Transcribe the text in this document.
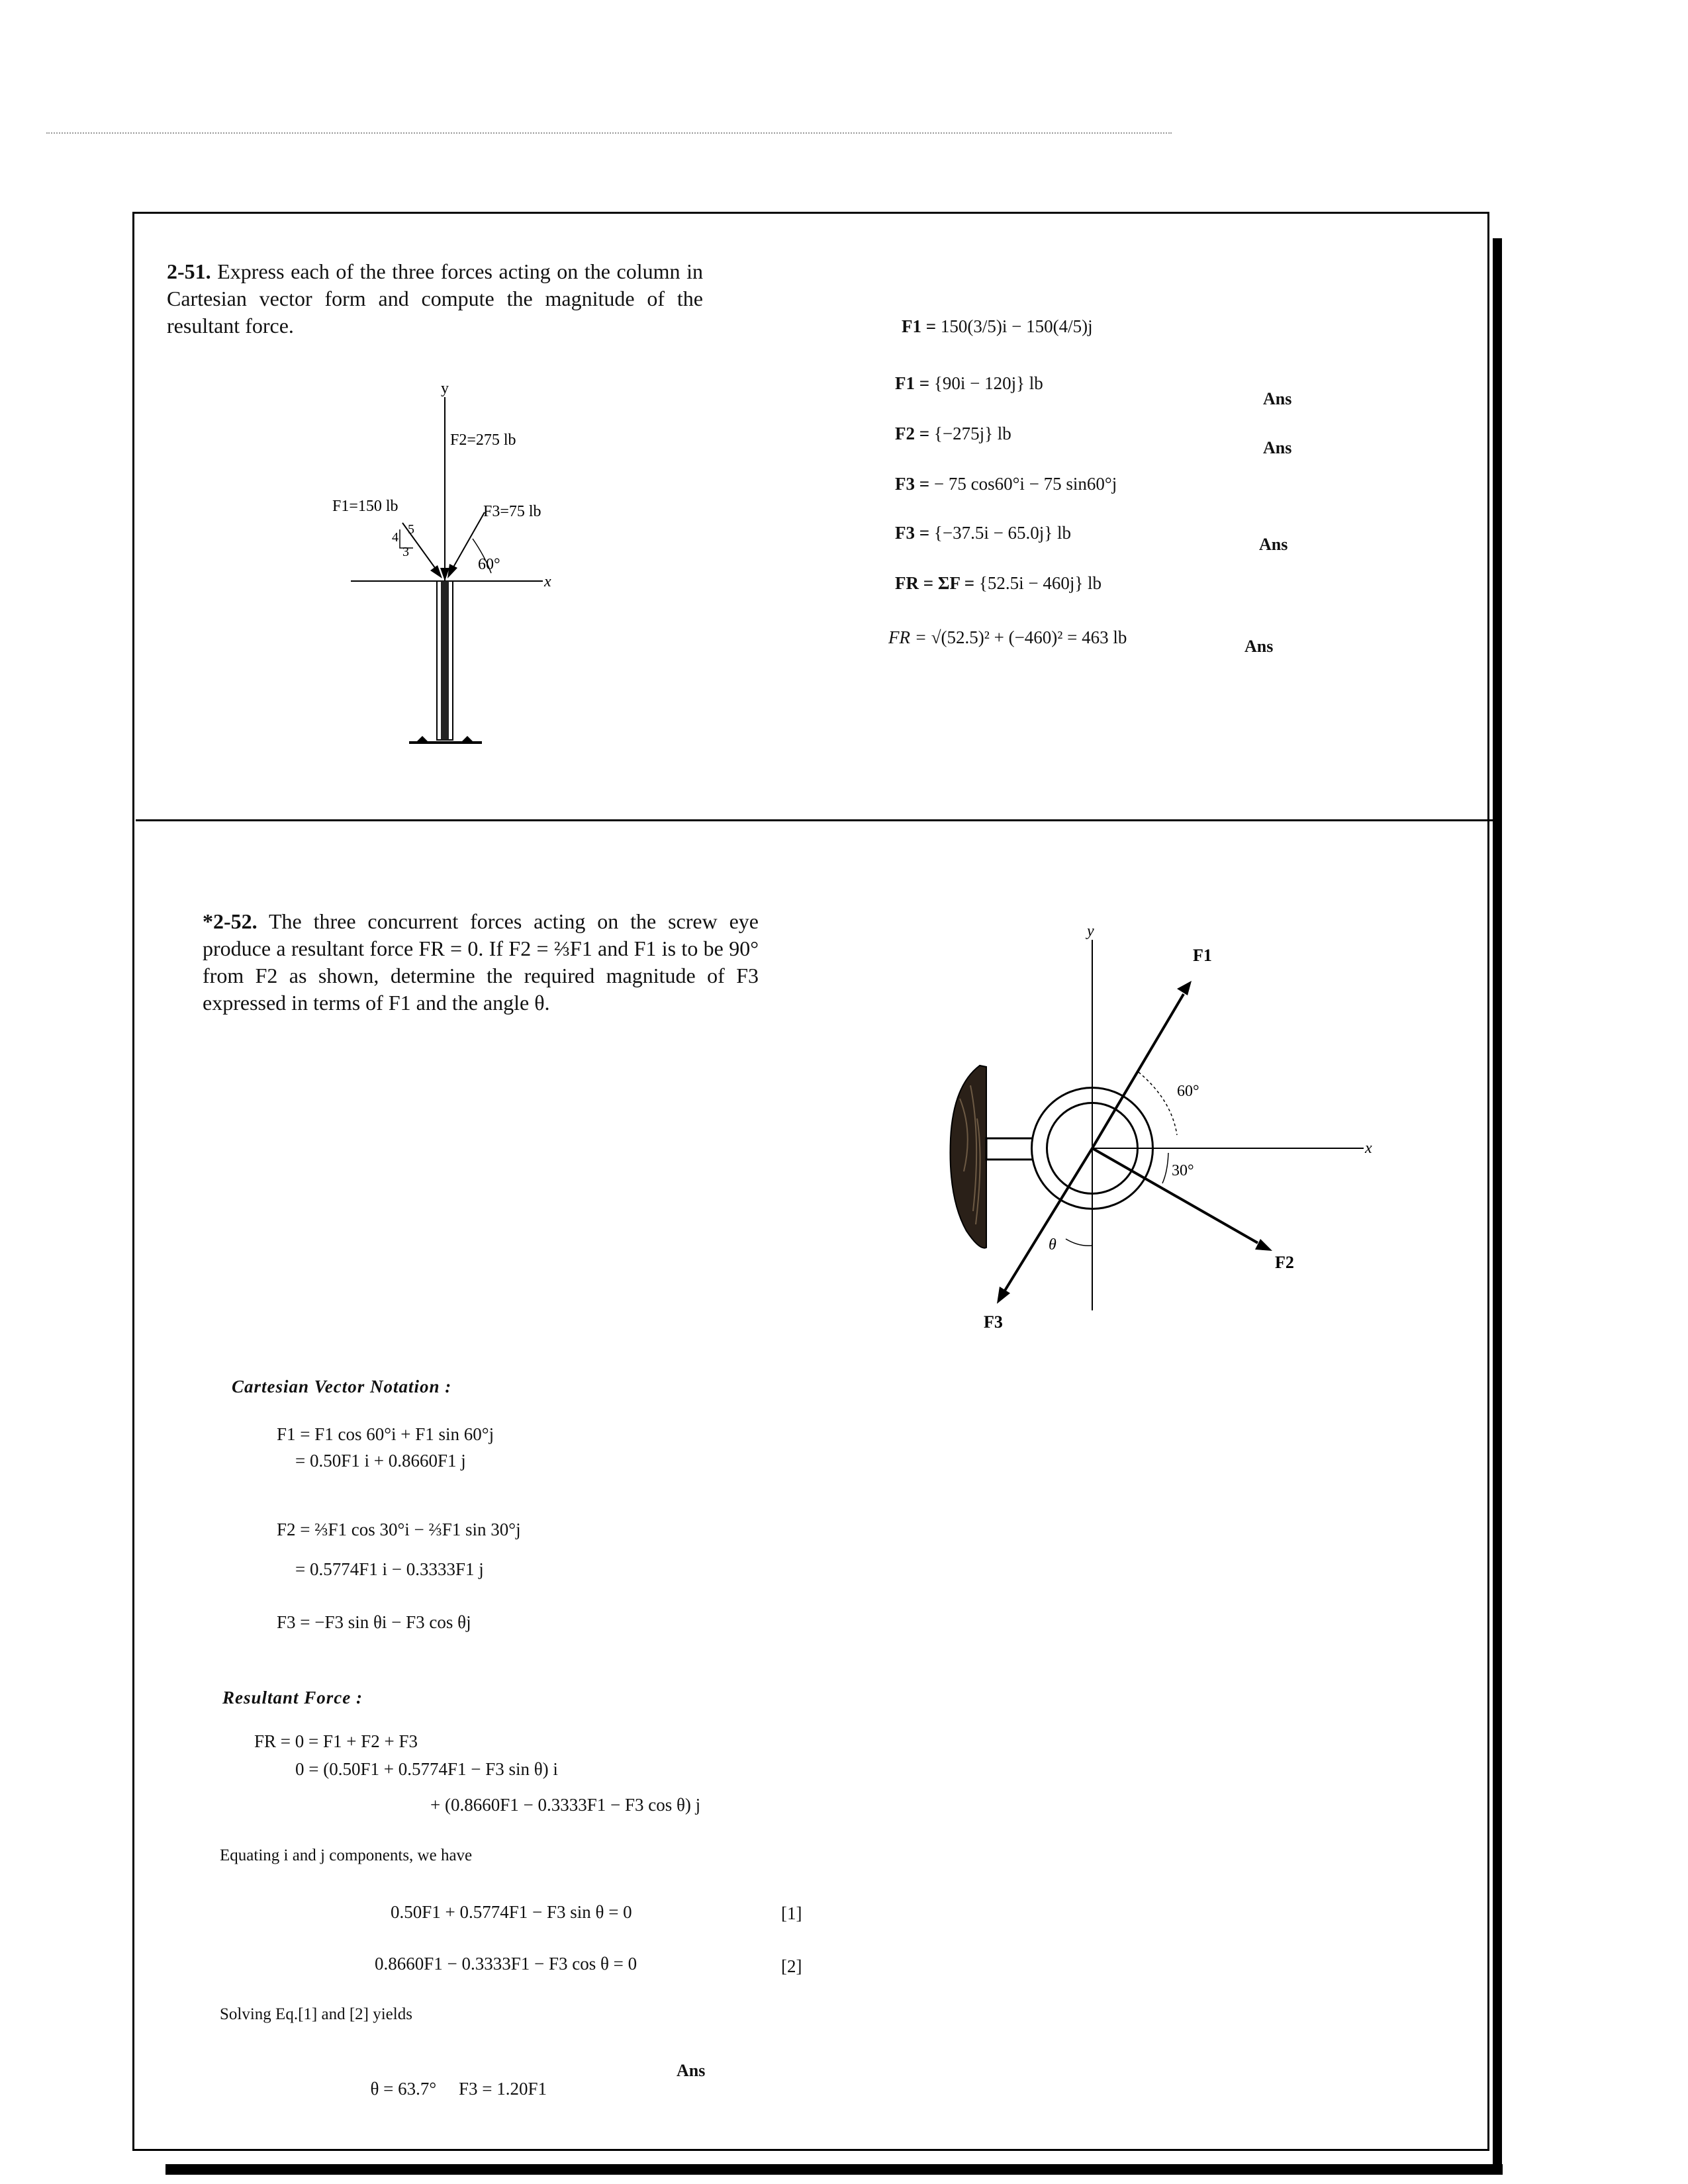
2-51. Express each of the three forces acting on the column in Cartesian vector form and compute the magnitude of the resultant force.
y
x
F2=275 lb
F1=150 lb
4
5
3
F3=75 lb
60°
F1 = 150(3/5)i − 150(4/5)j
F1 = {90i − 120j} lb
Ans
F2 = {−275j} lb
Ans
F3 = − 75 cos60°i − 75 sin60°j
F3 = {−37.5i − 65.0j} lb
Ans
FR = ΣF = {52.5i − 460j} lb
FR = √(52.5)² + (−460)² = 463 lb	Ans
*2-52. The three concurrent forces acting on the screw eye produce a resultant force FR = 0. If F2 = ⅔F1 and F1 is to be 90° from F2 as shown, determine the required magnitude of F3 expressed in terms of F1 and the angle θ.
y
x
F1
F2
F3
60°
30°
θ
Cartesian Vector Notation :
F1 = F1 cos 60°i + F1 sin 60°j
= 0.50F1 i + 0.8660F1 j
F2 = ⅔F1 cos 30°i − ⅔F1 sin 30°j
= 0.5774F1 i − 0.3333F1 j
F3 = −F3 sin θi − F3 cos θj
Resultant Force :
FR = 0 = F1 + F2 + F3
0 = (0.50F1 + 0.5774F1 − F3 sin θ) i
+ (0.8660F1 − 0.3333F1 − F3 cos θ) j
Equating i and j components, we have
0.50F1 + 0.5774F1 − F3 sin θ = 0	[1]
0.8660F1 − 0.3333F1 − F3 cos θ = 0	[2]
Solving Eq.[1] and [2] yields

θ = 63.7°     F3 = 1.20F1

Ans
